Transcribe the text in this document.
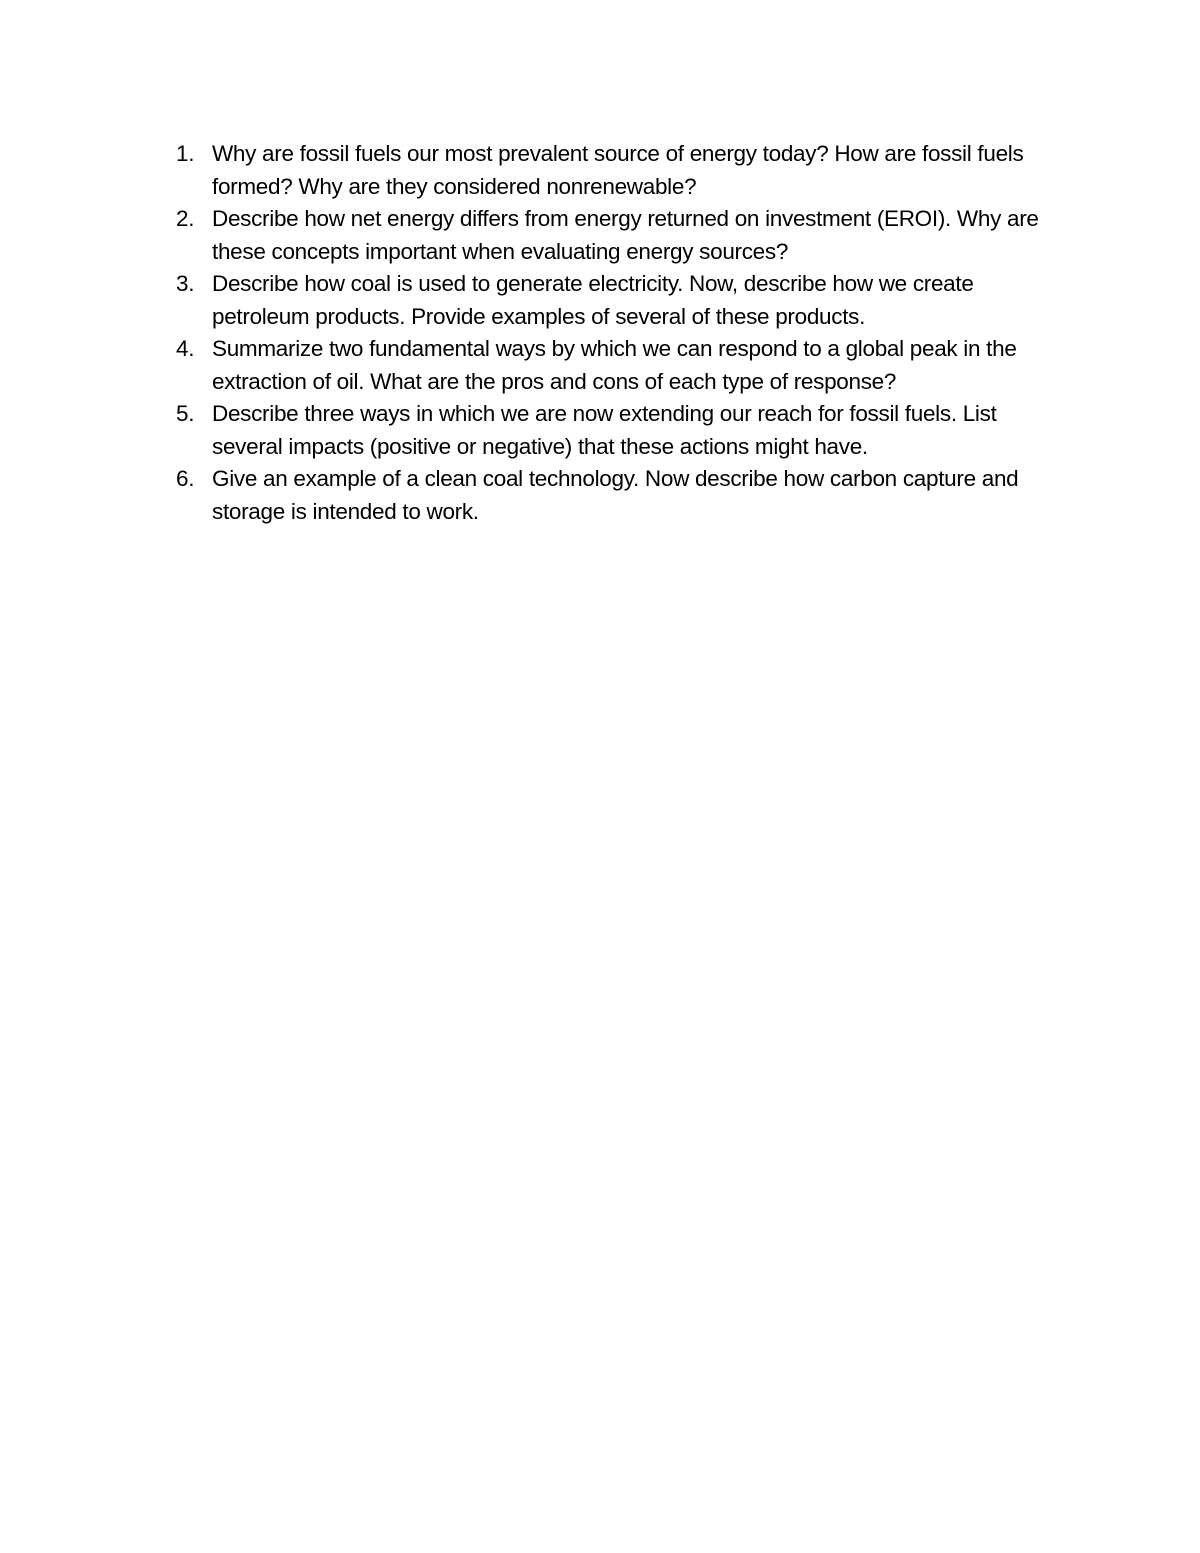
1. Why are fossil fuels our most prevalent source of energy today? How are fossil fuels formed? Why are they considered nonrenewable?
2. Describe how net energy differs from energy returned on investment (EROI). Why are these concepts important when evaluating energy sources?
3. Describe how coal is used to generate electricity. Now, describe how we create petroleum products. Provide examples of several of these products.
4. Summarize two fundamental ways by which we can respond to a global peak in the extraction of oil. What are the pros and cons of each type of response?
5. Describe three ways in which we are now extending our reach for fossil fuels. List several impacts (positive or negative) that these actions might have.
6. Give an example of a clean coal technology. Now describe how carbon capture and storage is intended to work.
